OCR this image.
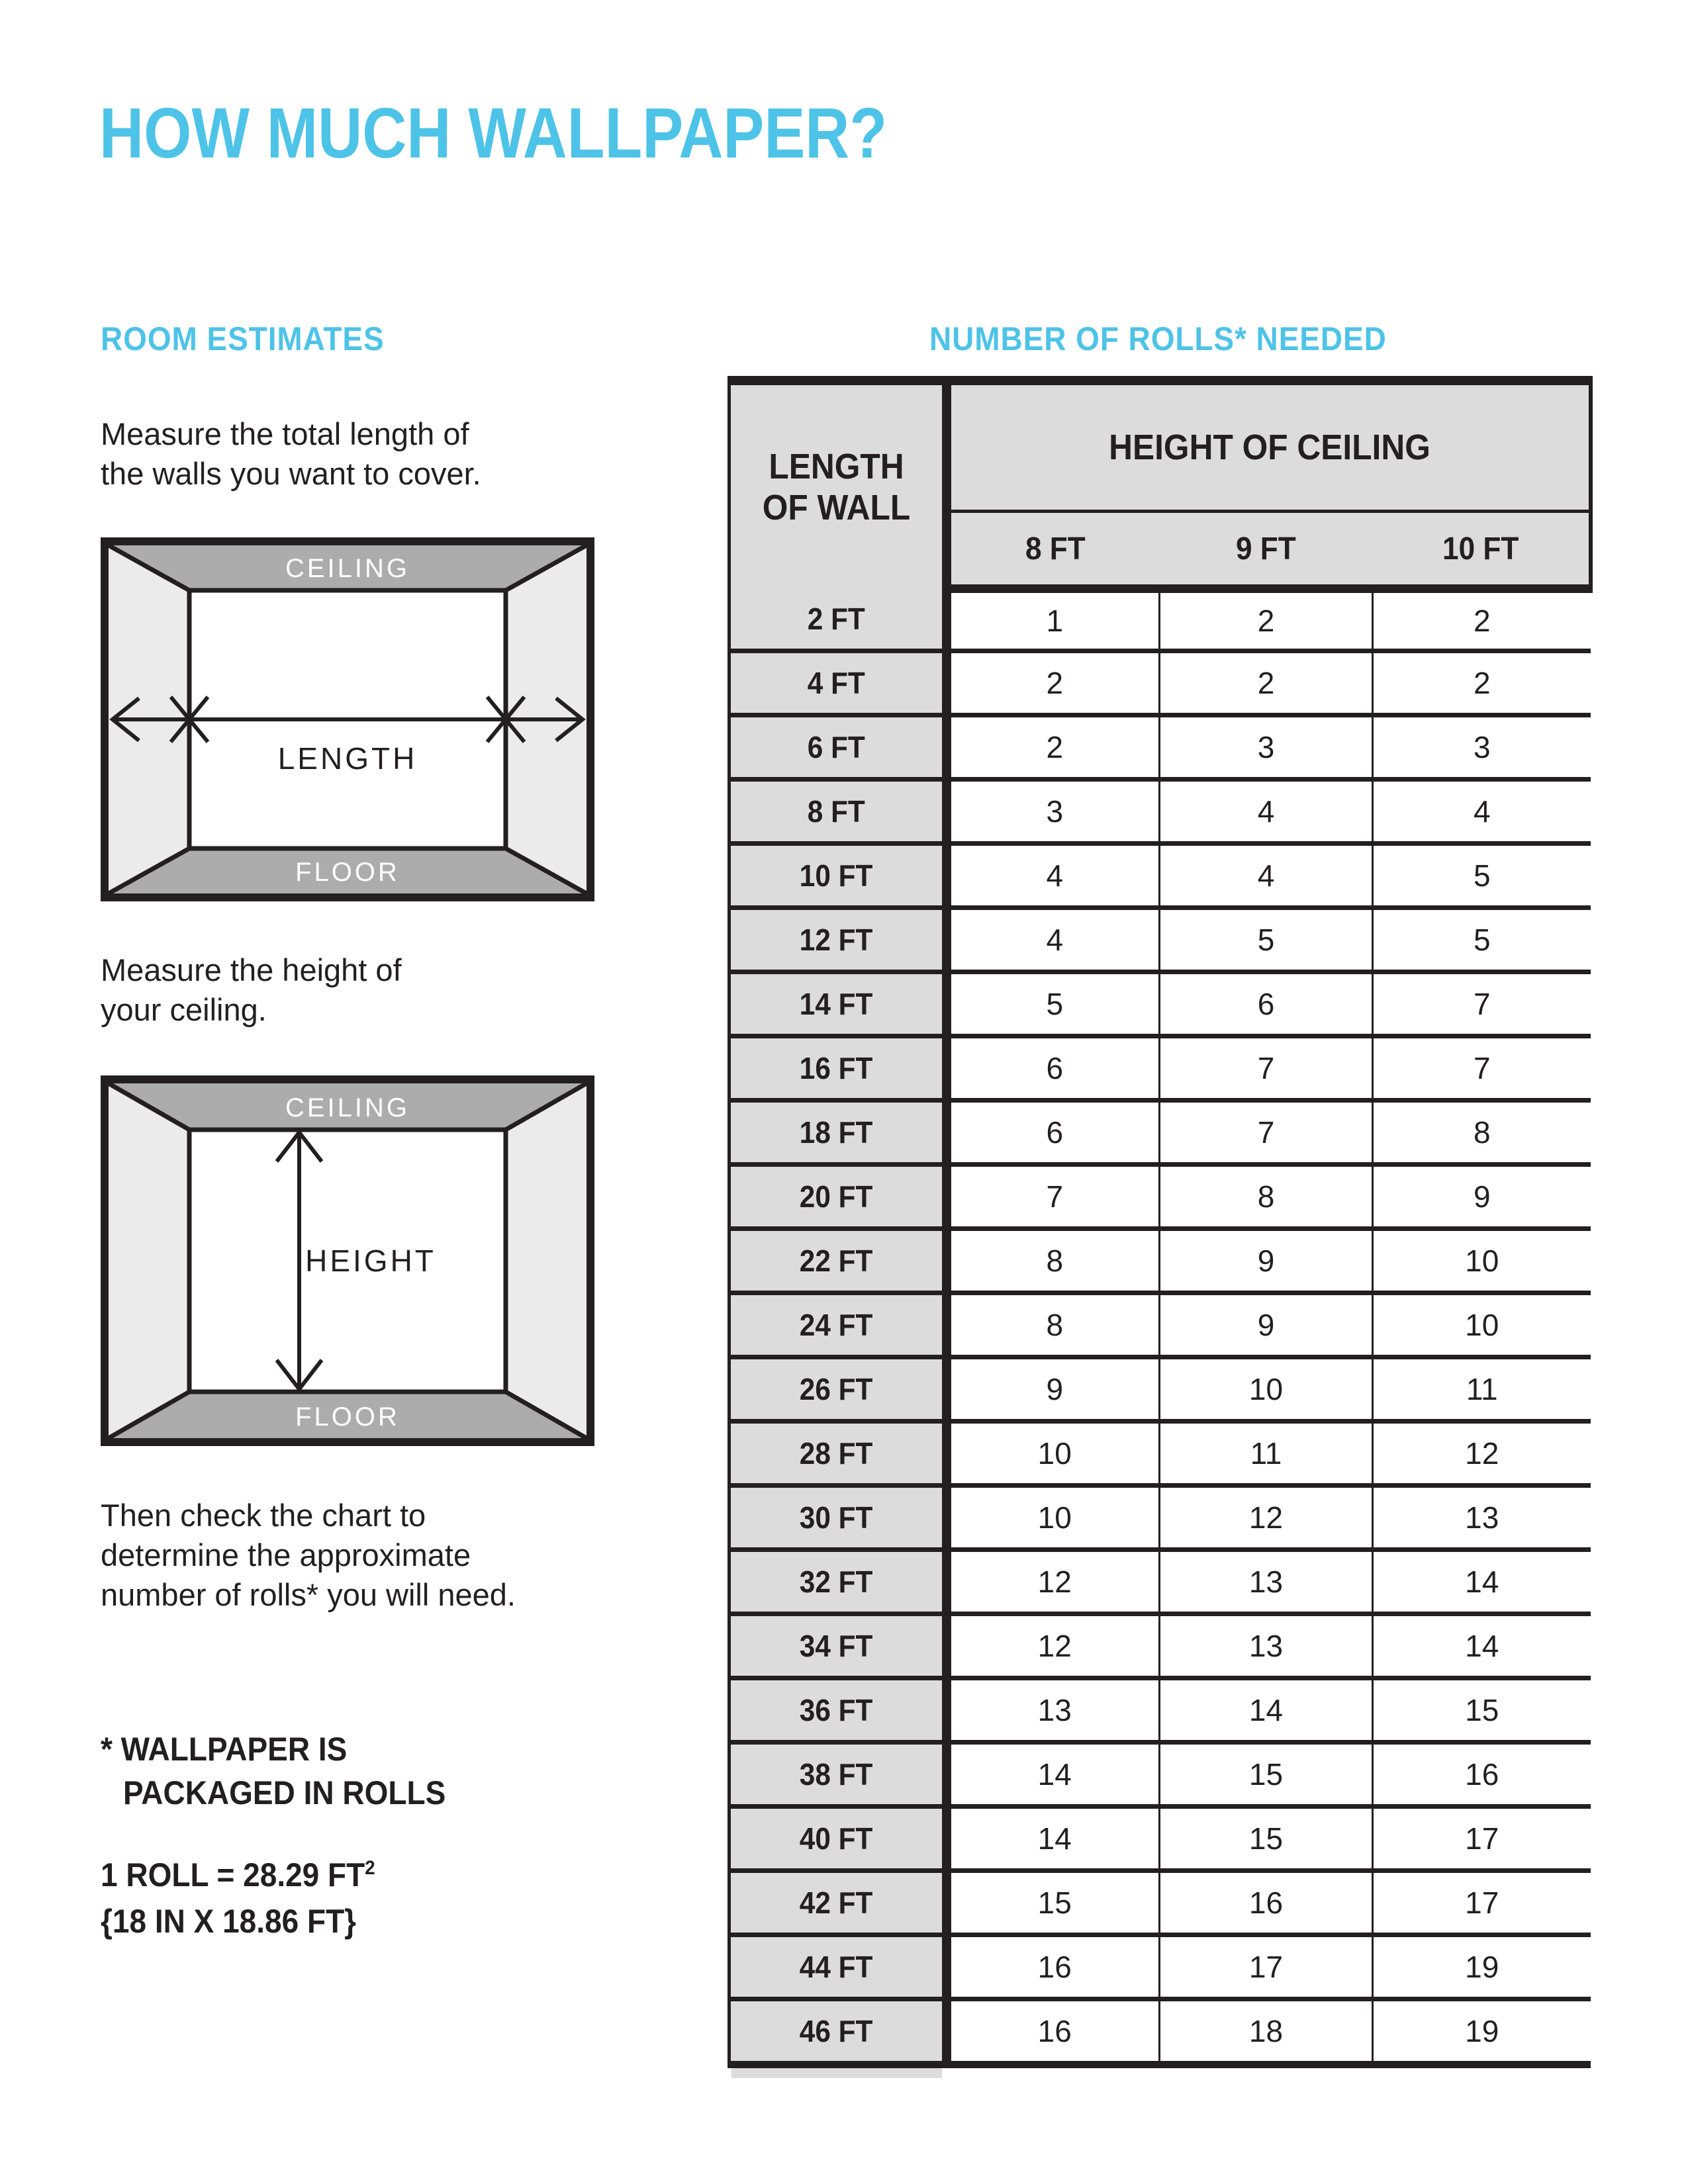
HOW MUCH WALLPAPER?
ROOM ESTIMATES
Measure the total length of
the walls you want to cover.
CEILING
FLOOR
LENGTH
Measure the height of
your ceiling.
CEILING
FLOOR
HEIGHT
Then check the chart to
determine the approximate
number of rolls* you will need.
* WALLPAPER IS
PACKAGED IN ROLLS
1 ROLL = 28.29 $FT^2$
{18 IN X 18.86 FT}
NUMBER OF ROLLS* NEEDED
LENGTH
OF WALL	HEIGHT OF CEILING		
	8 FT	9 FT	10 FT
2 FT	1	2	2
4 FT	2	2	2
6 FT	2	3	3
8 FT	3	4	4
10 FT	4	4	5
12 FT	4	5	5
14 FT	5	6	7
16 FT	6	7	7
18 FT	6	7	8
20 FT	7	8	9
22 FT	8	9	10
24 FT	8	9	10
26 FT	9	10	11
28 FT	10	11	12
30 FT	10	12	13
32 FT	12	13	14
34 FT	12	13	14
36 FT	13	14	15
38 FT	14	15	16
40 FT	14	15	17
42 FT	15	16	17
44 FT	16	17	19
46 FT	16	18	19
